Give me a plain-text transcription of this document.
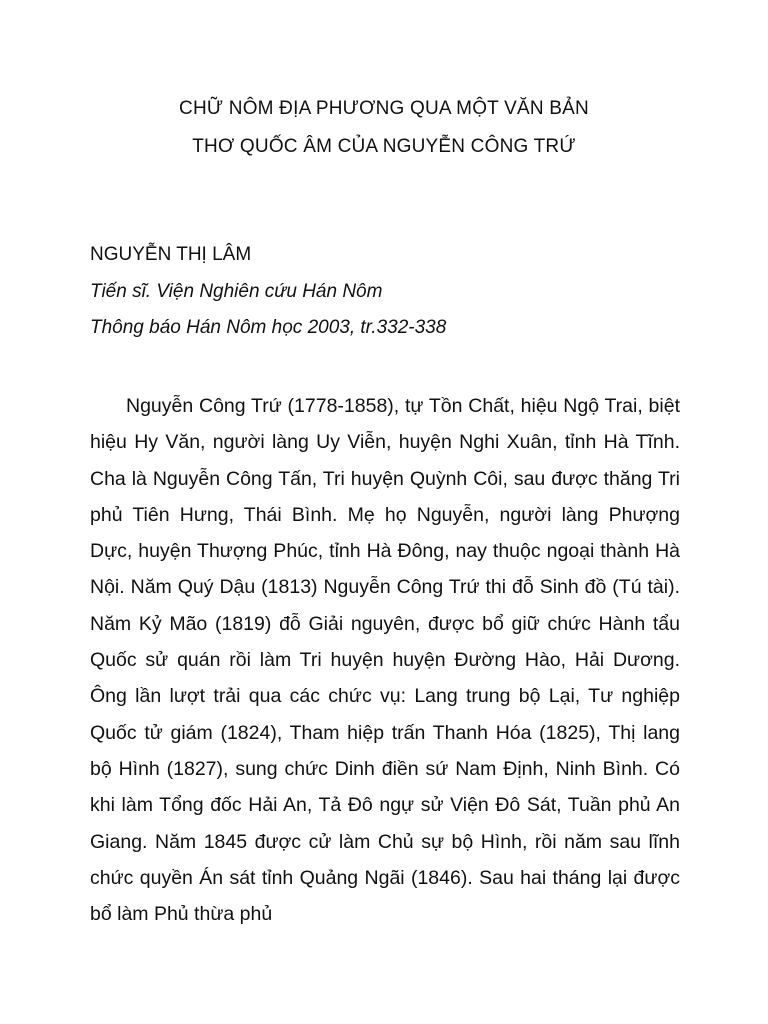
CHỮ NÔM ĐỊA PHƯƠNG QUA MỘT VĂN BẢN
THƠ QUỐC ÂM CỦA NGUYỄN CÔNG TRỨ
NGUYỄN THỊ LÂM
Tiến sĩ. Viện Nghiên cứu Hán Nôm
Thông báo Hán Nôm học 2003, tr.332-338

Nguyễn Công Trứ (1778-1858), tự Tồn Chất, hiệu Ngộ Trai, biệt hiệu Hy Văn, người làng Uy Viễn, huyện Nghi Xuân, tỉnh Hà Tĩnh. Cha là Nguyễn Công Tấn, Tri huyện Quỳnh Côi, sau được thăng Tri phủ Tiên Hưng, Thái Bình. Mẹ họ Nguyễn, người làng Phượng Dực, huyện Thượng Phúc, tỉnh Hà Đông, nay thuộc ngoại thành Hà Nội. Năm Quý Dậu (1813) Nguyễn Công Trứ thi đỗ Sinh đồ (Tú tài). Năm Kỷ Mão (1819) đỗ Giải nguyên, được bổ giữ chức Hành tẩu Quốc sử quán rồi làm Tri huyện huyện Đường Hào, Hải Dương. Ông lần lượt trải qua các chức vụ: Lang trung bộ Lại, Tư nghiệp Quốc tử giám (1824), Tham hiệp trấn Thanh Hóa (1825), Thị lang bộ Hình (1827), sung chức Dinh điền sứ Nam Định, Ninh Bình. Có khi làm Tổng đốc Hải An, Tả Đô ngự sử Viện Đô Sát, Tuần phủ An Giang. Năm 1845 được cử làm Chủ sự bộ Hình, rồi năm sau lĩnh chức quyền Án sát tỉnh Quảng Ngãi (1846). Sau hai tháng lại được bổ làm Phủ thừa phủ
